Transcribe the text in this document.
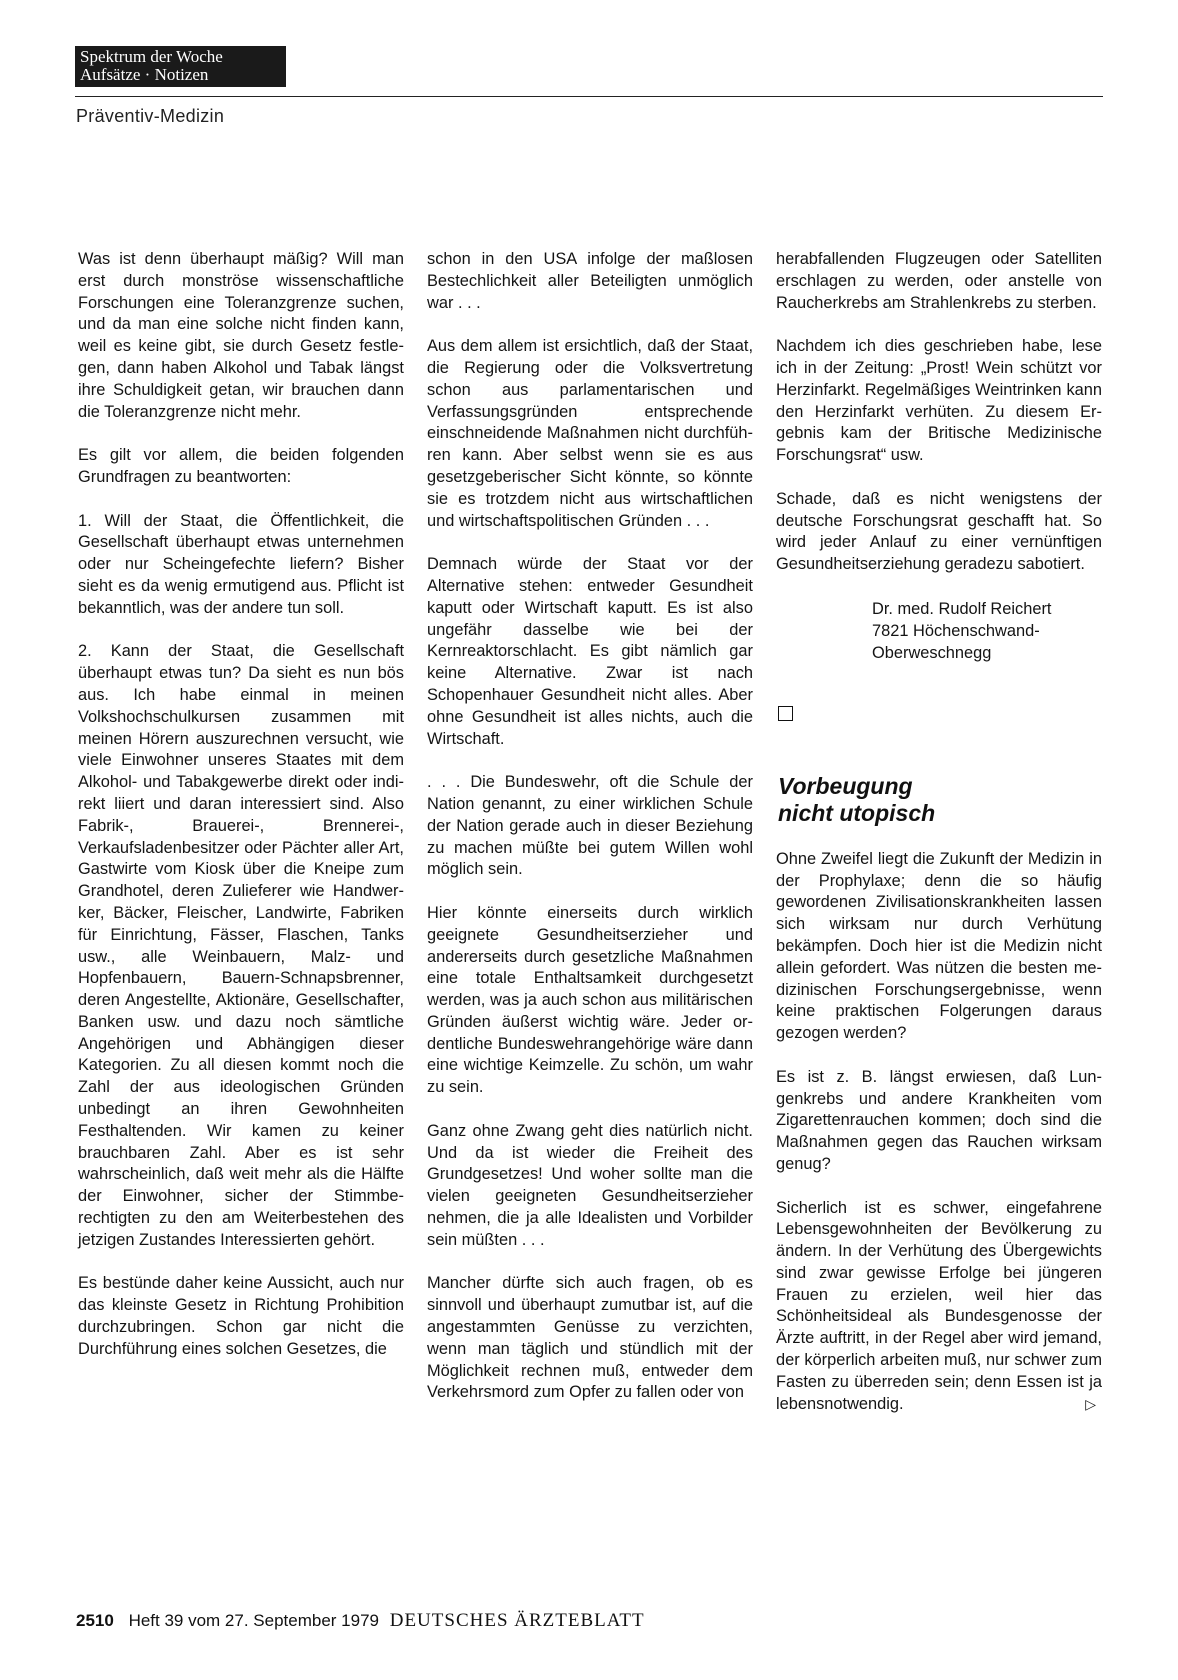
Spektrum der Woche
Aufsätze · Notizen
Präventiv-Medizin

Was ist denn überhaupt mäßig? Will man erst durch monströse wissenschaftliche Forschungen eine Toleranzgrenze suchen, und da man eine solche nicht finden kann, weil es keine gibt, sie durch Gesetz festlegen, dann haben Alkohol und Tabak längst ihre Schuldigkeit getan, wir brauchen dann die Toleranzgrenze nicht mehr.

Es gilt vor allem, die beiden folgenden Grundfragen zu beantworten:

1. Will der Staat, die Öffentlichkeit, die Gesellschaft überhaupt etwas unternehmen oder nur Scheingefechte liefern? Bisher sieht es da wenig ermutigend aus. Pflicht ist bekanntlich, was der andere tun soll.

2. Kann der Staat, die Gesellschaft überhaupt etwas tun? Da sieht es nun bös aus. Ich habe einmal in meinen Volkshochschulkursen zusammen mit meinen Hörern auszurechnen versucht, wie viele Einwohner unseres Staates mit dem Alkohol- und Tabakgewerbe direkt oder indirekt liiert und daran interessiert sind. Also Fabrik-, Brauerei-, Brennerei-, Verkaufsladenbesitzer oder Pächter aller Art, Gastwirte vom Kiosk über die Kneipe zum Grandhotel, deren Zulieferer wie Handwerker, Bäcker, Fleischer, Landwirte, Fabriken für Einrichtung, Fässer, Flaschen, Tanks usw., alle Weinbauern, Malz- und Hopfenbauern, Bauern-Schnapsbrenner, deren Angestellte, Aktionäre, Gesellschafter, Banken usw. und dazu noch sämtliche Angehörigen und Abhängigen dieser Kategorien. Zu all diesen kommt noch die Zahl der aus ideologischen Gründen unbedingt an ihren Gewohnheiten Festhaltenden. Wir kamen zu keiner brauchbaren Zahl. Aber es ist sehr wahrscheinlich, daß weit mehr als die Hälfte der Einwohner, sicher der Stimmberechtigten zu den am Weiterbestehen des jetzigen Zustandes Interessierten gehört.

Es bestünde daher keine Aussicht, auch nur das kleinste Gesetz in Richtung Prohibition durchzubringen. Schon gar nicht die Durchführung eines solchen Gesetzes, die

schon in den USA infolge der maßlosen Bestechlichkeit aller Beteiligten unmöglich war . . .

Aus dem allem ist ersichtlich, daß der Staat, die Regierung oder die Volksvertretung schon aus parlamentarischen und Verfassungsgründen entsprechende einschneidende Maßnahmen nicht durchführen kann. Aber selbst wenn sie es aus gesetzgeberischer Sicht könnte, so könnte sie es trotzdem nicht aus wirtschaftlichen und wirtschaftspolitischen Gründen . . .

Demnach würde der Staat vor der Alternative stehen: entweder Gesundheit kaputt oder Wirtschaft kaputt. Es ist also ungefähr dasselbe wie bei der Kernreaktorschlacht. Es gibt nämlich gar keine Alternative. Zwar ist nach Schopenhauer Gesundheit nicht alles. Aber ohne Gesundheit ist alles nichts, auch die Wirtschaft.

. . . Die Bundeswehr, oft die Schule der Nation genannt, zu einer wirklichen Schule der Nation gerade auch in dieser Beziehung zu machen müßte bei gutem Willen wohl möglich sein.

Hier könnte einerseits durch wirklich geeignete Gesundheitserzieher und andererseits durch gesetzliche Maßnahmen eine totale Enthaltsamkeit durchgesetzt werden, was ja auch schon aus militärischen Gründen äußerst wichtig wäre. Jeder ordentliche Bundeswehrangehörige wäre dann eine wichtige Keimzelle. Zu schön, um wahr zu sein.

Ganz ohne Zwang geht dies natürlich nicht. Und da ist wieder die Freiheit des Grundgesetzes! Und woher sollte man die vielen geeigneten Gesundheitserzieher nehmen, die ja alle Idealisten und Vorbilder sein müßten . . .

Mancher dürfte sich auch fragen, ob es sinnvoll und überhaupt zumutbar ist, auf die angestammten Genüsse zu verzichten, wenn man täglich und stündlich mit der Möglichkeit rechnen muß, entweder dem Verkehrsmord zum Opfer zu fallen oder von

herabfallenden Flugzeugen oder Satelliten erschlagen zu werden, oder anstelle von Raucherkrebs am Strahlenkrebs zu sterben.

Nachdem ich dies geschrieben habe, lese ich in der Zeitung: „Prost! Wein schützt vor Herzinfarkt. Regelmäßiges Weintrinken kann den Herzinfarkt verhüten. Zu diesem Ergebnis kam der Britische Medizinische Forschungsrat“ usw.

Schade, daß es nicht wenigstens der deutsche Forschungsrat geschafft hat. So wird jeder Anlauf zu einer vernünftigen Gesundheitserziehung geradezu sabotiert.

Dr. med. Rudolf Reichert
7821 Höchenschwand-
Oberweschnegg
Vorbeugung
nicht utopisch

Ohne Zweifel liegt die Zukunft der Medizin in der Prophylaxe; denn die so häufig gewordenen Zivilisationskrankheiten lassen sich wirksam nur durch Verhütung bekämpfen. Doch hier ist die Medizin nicht allein gefordert. Was nützen die besten medizinischen Forschungsergebnisse, wenn keine praktischen Folgerungen daraus gezogen werden?

Es ist z. B. längst erwiesen, daß Lungenkrebs und andere Krankheiten vom Zigarettenrauchen kommen; doch sind die Maßnahmen gegen das Rauchen wirksam genug?

Sicherlich ist es schwer, eingefahrene Lebensgewohnheiten der Bevölkerung zu ändern. In der Verhütung des Übergewichts sind zwar gewisse Erfolge bei jüngeren Frauen zu erzielen, weil hier das Schönheitsideal als Bundesgenosse der Ärzte auftritt, in der Regel aber wird jemand, der körperlich arbeiten muß, nur schwer zum Fasten zu überreden sein; denn Essen ist ja lebensnotwendig.	▷

2510 Heft 39 vom 27. September 1979 DEUTSCHES ÄRZTEBLATT
